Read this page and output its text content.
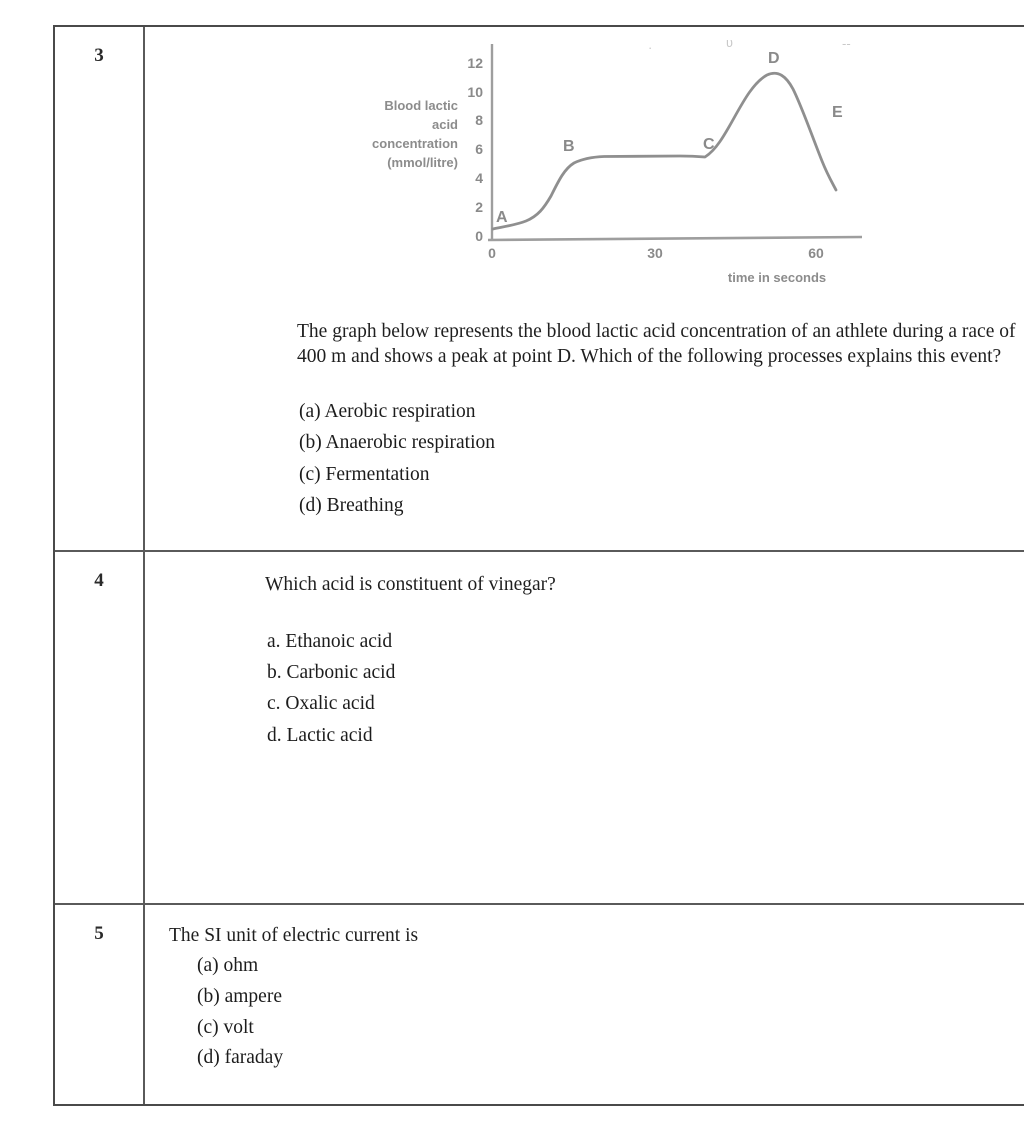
3	·	ʋ	--
Blood lactic
acid
concentration
(mmol/litre)
12
10
8
6
4
2
0
0	30	60
time in seconds
A
B	C
D
E

The graph below represents the blood lactic acid concentration of an athlete during a race of 400 m and shows a peak at point D. Which of the following processes explains this event?

(a) Aerobic respiration
(b) Anaerobic respiration
(c) Fermentation
(d) Breathing
4	Which acid is constituent of vinegar?

a. Ethanoic acid
b. Carbonic acid
c. Oxalic acid
d. Lactic acid
5	The SI unit of electric current is

(a) ohm
(b) ampere
(c) volt
(d) faraday
